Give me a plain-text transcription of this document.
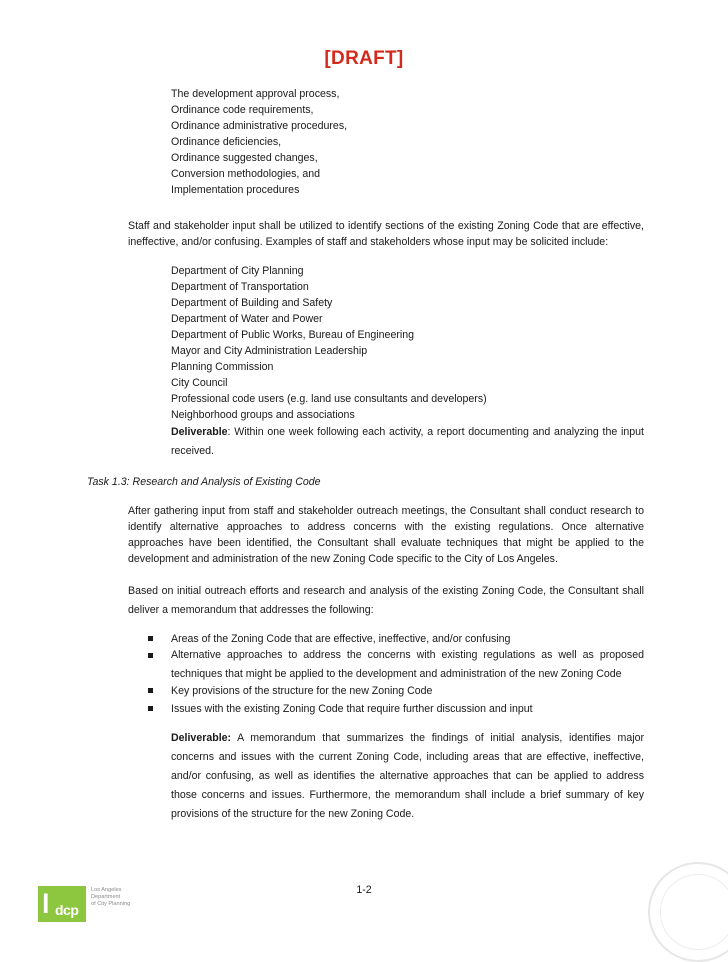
[DRAFT]
The development approval process,
Ordinance code requirements,
Ordinance administrative procedures,
Ordinance deficiencies,
Ordinance suggested changes,
Conversion methodologies, and
Implementation procedures
Staff and stakeholder input shall be utilized to identify sections of the existing Zoning Code that are effective, ineffective, and/or confusing. Examples of staff and stakeholders whose input may be solicited include:
Department of City Planning
Department of Transportation
Department of Building and Safety
Department of Water and Power
Department of Public Works, Bureau of Engineering
Mayor and City Administration Leadership
Planning Commission
City Council
Professional code users (e.g. land use consultants and developers)
Neighborhood groups and associations
Deliverable: Within one week following each activity, a report documenting and analyzing the input received.
Task 1.3: Research and Analysis of Existing Code
After gathering input from staff and stakeholder outreach meetings, the Consultant shall conduct research to identify alternative approaches to address concerns with the existing regulations. Once alternative approaches have been identified, the Consultant shall evaluate techniques that might be applied to the development and administration of the new Zoning Code specific to the City of Los Angeles.
Based on initial outreach efforts and research and analysis of the existing Zoning Code, the Consultant shall deliver a memorandum that addresses the following:
Areas of the Zoning Code that are effective, ineffective, and/or confusing
Alternative approaches to address the concerns with existing regulations as well as proposed techniques that might be applied to the development and administration of the new Zoning Code
Key provisions of the structure for the new Zoning Code
Issues with the existing Zoning Code that require further discussion and input
Deliverable: A memorandum that summarizes the findings of initial analysis, identifies major concerns and issues with the current Zoning Code, including areas that are effective, ineffective, and/or confusing, as well as identifies the alternative approaches that can be applied to address those concerns and issues. Furthermore, the memorandum shall include a brief summary of key provisions of the structure for the new Zoning Code.
1-2
l dcp
Los Angeles
Department
of City Planning
